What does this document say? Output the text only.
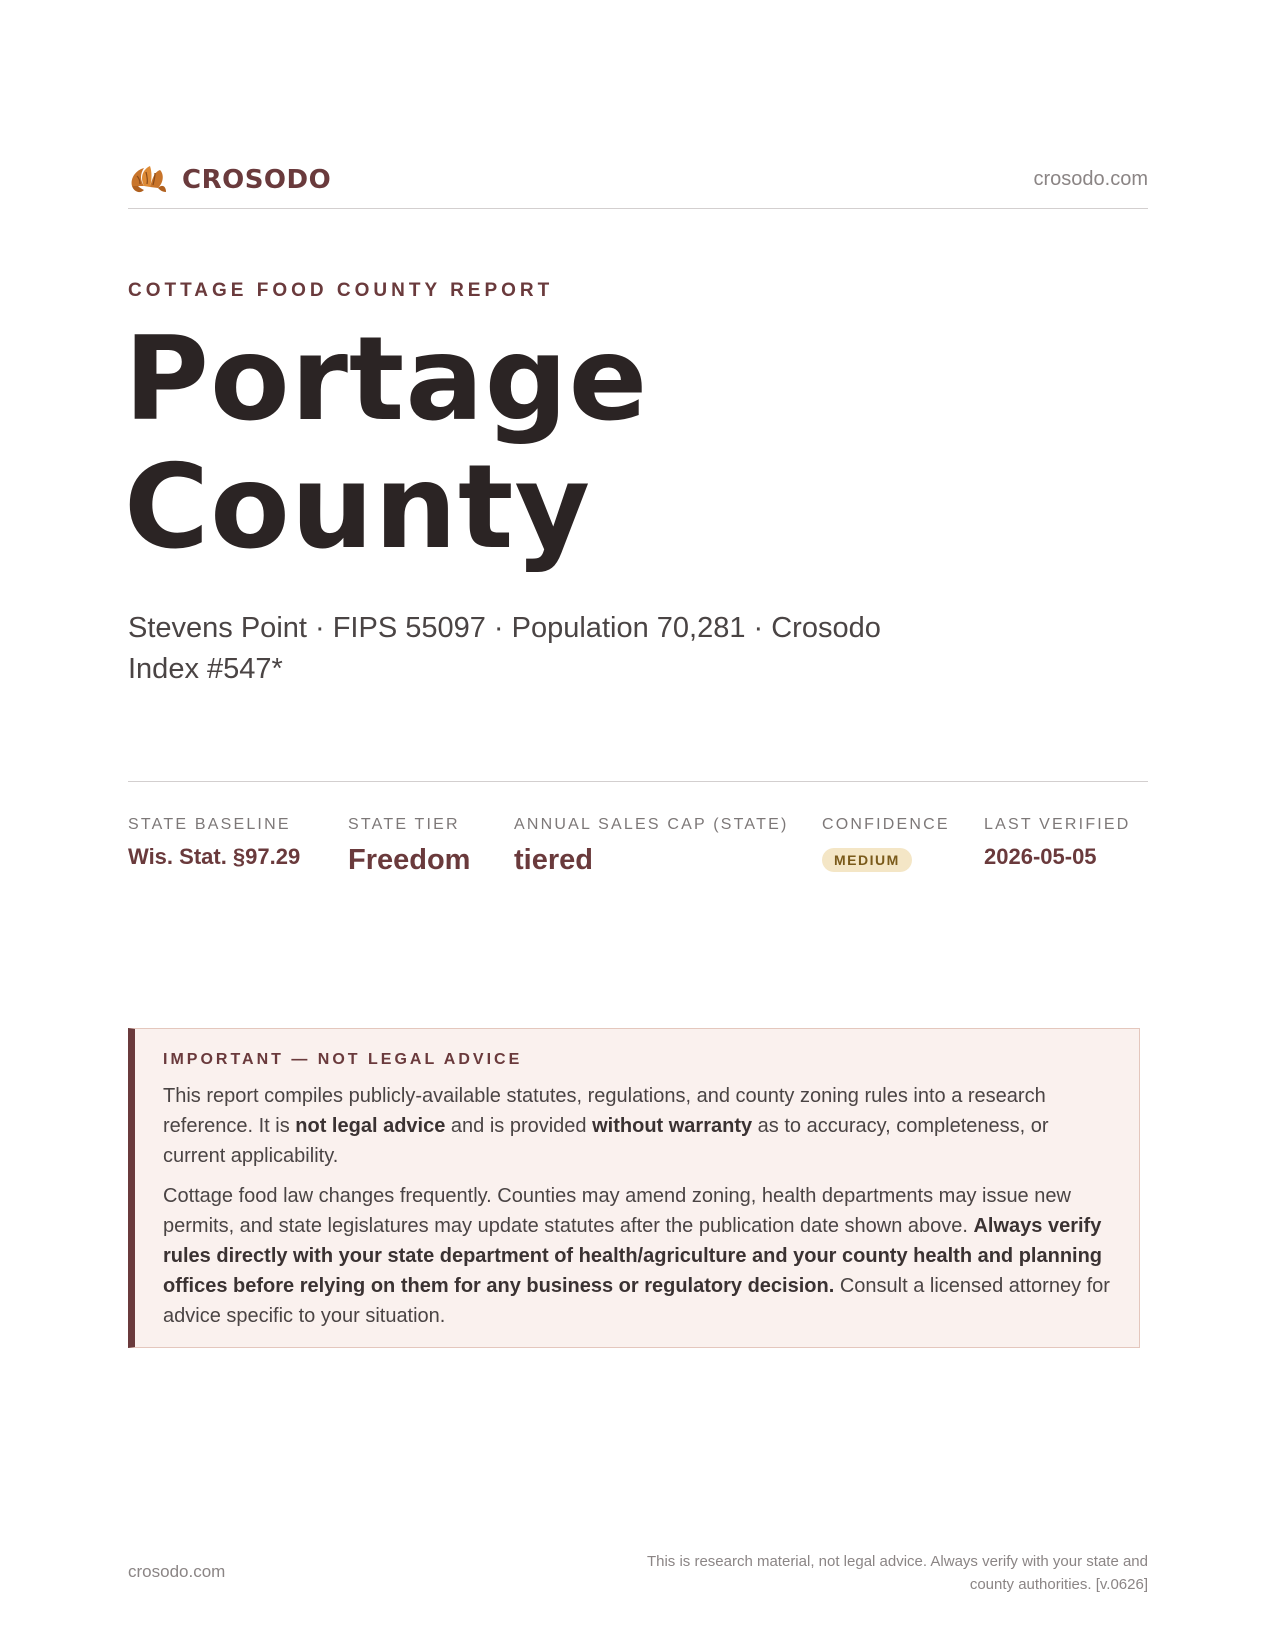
CROSODO	crosodo.com
COTTAGE FOOD COUNTY REPORT
Portage County
Stevens Point · FIPS 55097 · Population 70,281 · Crosodo Index #547*
STATE BASELINE
Wis. Stat. §97.29
STATE TIER
Freedom
ANNUAL SALES CAP (STATE)
tiered
CONFIDENCE
MEDIUM
LAST VERIFIED
2026-05-05
IMPORTANT — NOT LEGAL ADVICE

This report compiles publicly-available statutes, regulations, and county zoning rules into a research reference. It is not legal advice and is provided without warranty as to accuracy, completeness, or current applicability.

Cottage food law changes frequently. Counties may amend zoning, health departments may issue new permits, and state legislatures may update statutes after the publication date shown above. Always verify rules directly with your state department of health/agriculture and your county health and planning offices before relying on them for any business or regulatory decision. Consult a licensed attorney for advice specific to your situation.

crosodo.com
This is research material, not legal advice. Always verify with your state and county authorities. [v.0626]
